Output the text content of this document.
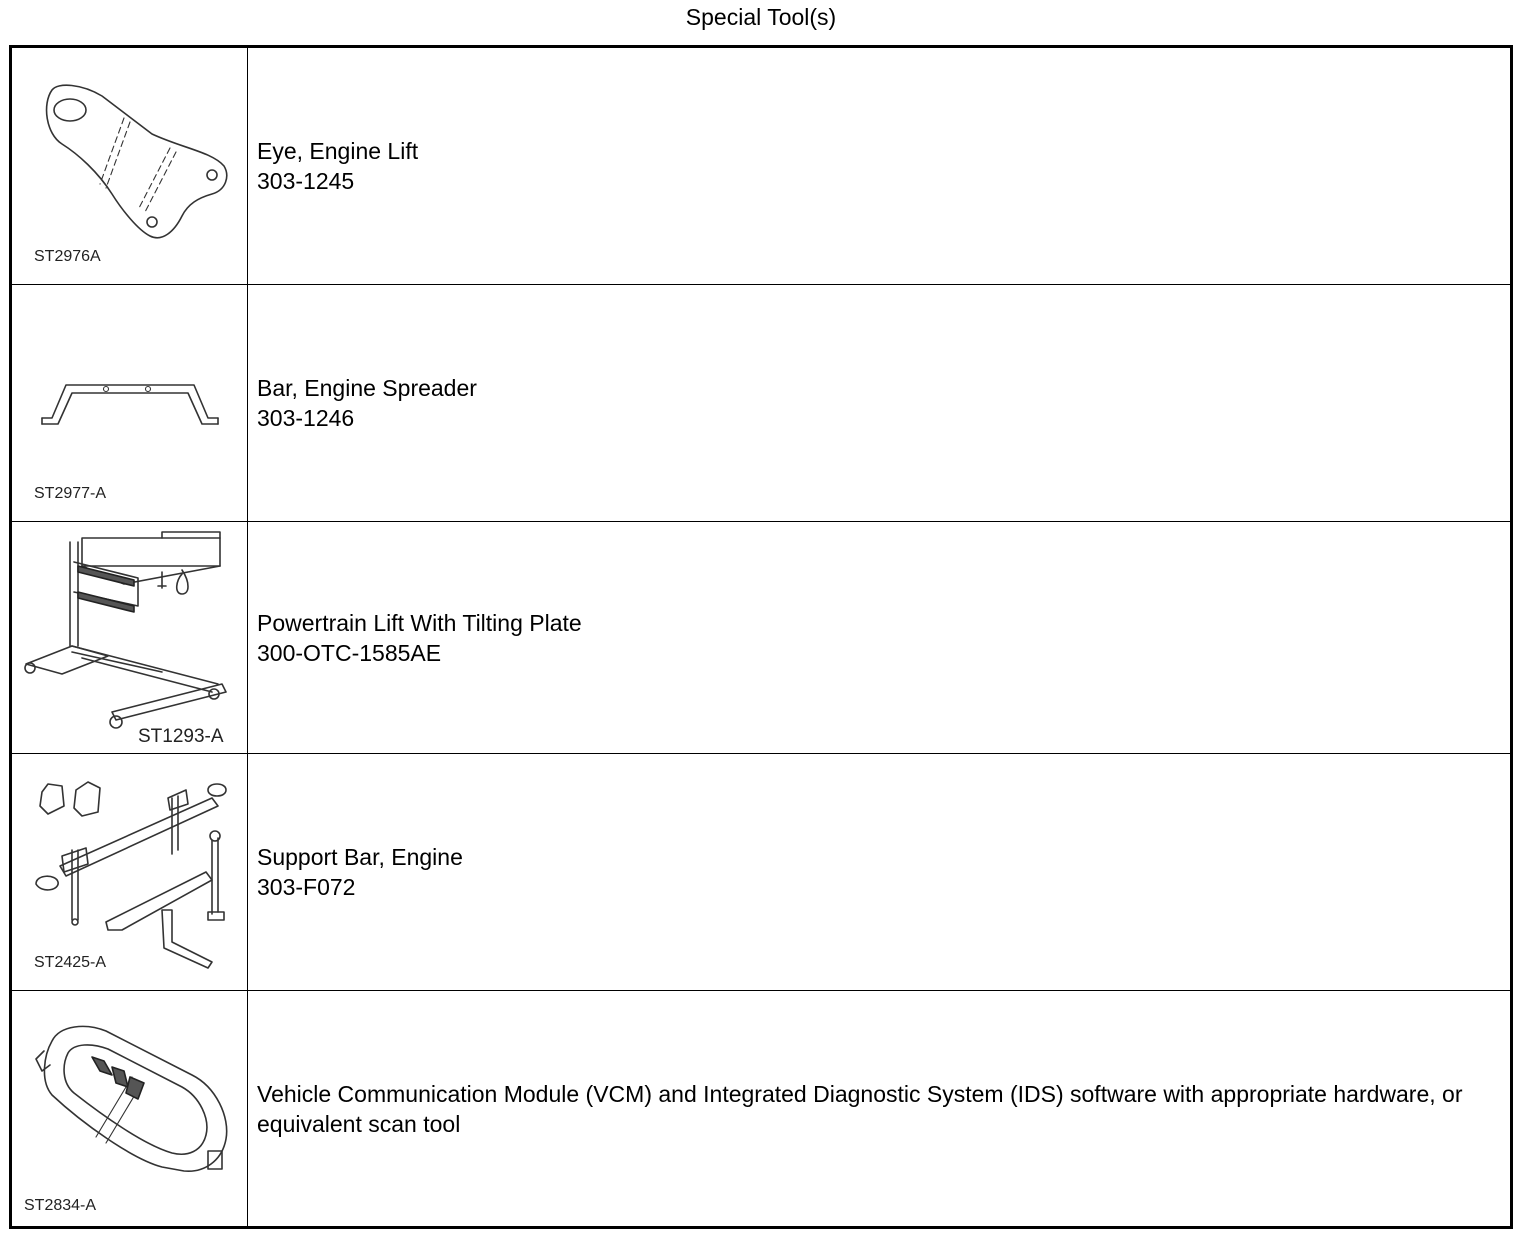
Special Tool(s)
ST2976A
Eye, Engine Lift
303-1245
ST2977-A
Bar, Engine Spreader
303-1246
ST1293-A
Powertrain Lift With Tilting Plate
300-OTC-1585AE
ST2425-A
Support Bar, Engine
303-F072
ST2834-A
Vehicle Communication Module (VCM) and Integrated Diagnostic System (IDS) software with appropriate hardware, or equivalent scan tool
